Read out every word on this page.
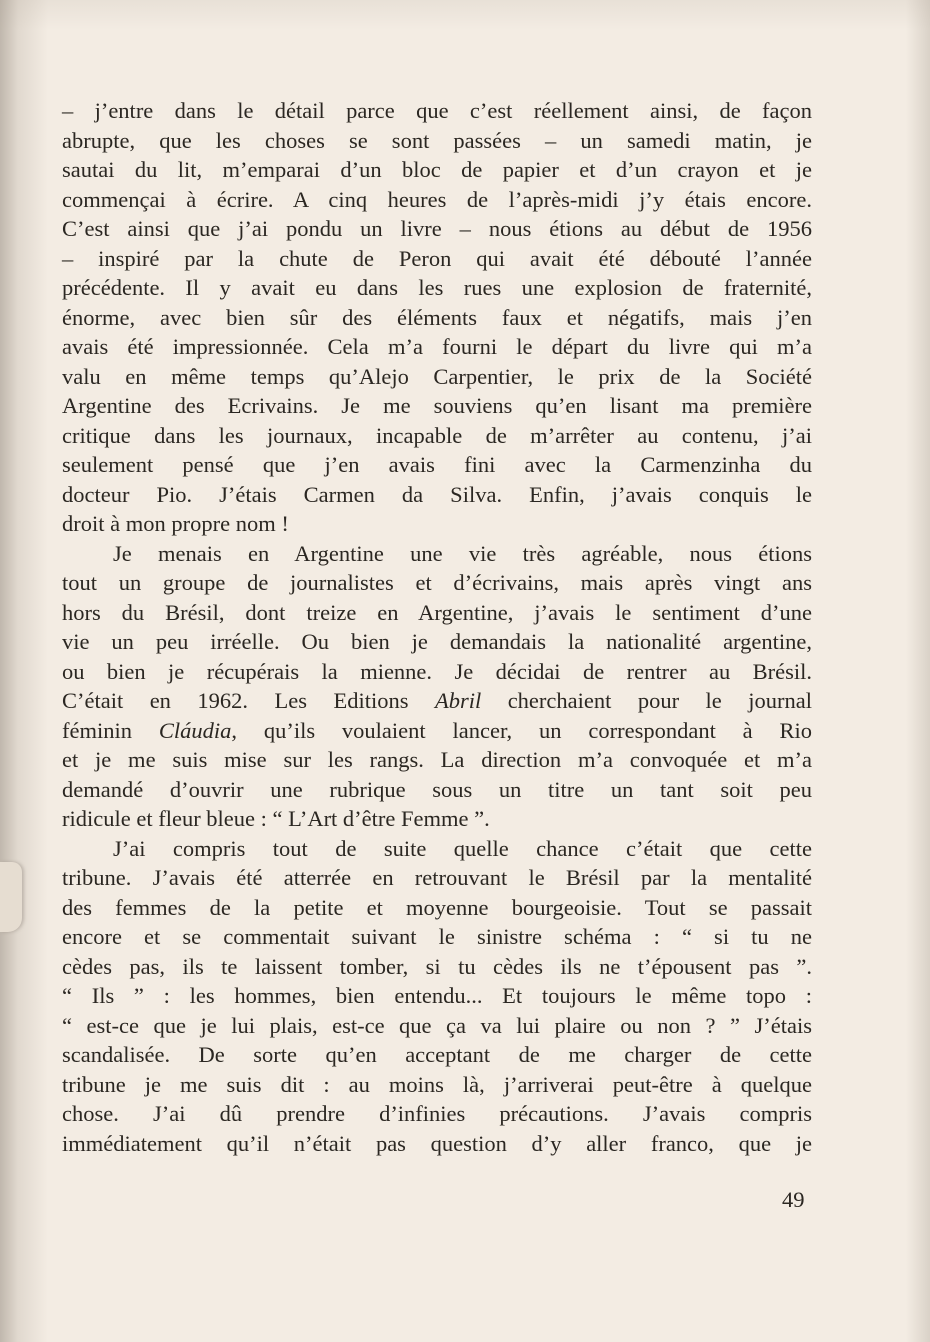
– j’entre dans le détail parce que c’est réellement ainsi, de façon
abrupte, que les choses se sont passées – un samedi matin, je
sautai du lit, m’emparai d’un bloc de papier et d’un crayon et je
commençai à écrire. A cinq heures de l’après-midi j’y étais encore.
C’est ainsi que j’ai pondu un livre – nous étions au début de 1956
– inspiré par la chute de Peron qui avait été débouté l’année
précédente. Il y avait eu dans les rues une explosion de fraternité,
énorme, avec bien sûr des éléments faux et négatifs, mais j’en
avais été impressionnée. Cela m’a fourni le départ du livre qui m’a
valu en même temps qu’Alejo Carpentier, le prix de la Société
Argentine des Ecrivains. Je me souviens qu’en lisant ma première
critique dans les journaux, incapable de m’arrêter au contenu, j’ai
seulement pensé que j’en avais fini avec la Carmenzinha du
docteur Pio. J’étais Carmen da Silva. Enfin, j’avais conquis le
droit à mon propre nom !
Je menais en Argentine une vie très agréable, nous étions
tout un groupe de journalistes et d’écrivains, mais après vingt ans
hors du Brésil, dont treize en Argentine, j’avais le sentiment d’une
vie un peu irréelle. Ou bien je demandais la nationalité argentine,
ou bien je récupérais la mienne. Je décidai de rentrer au Brésil.
C’était en 1962. Les Editions Abril cherchaient pour le journal
féminin Cláudia, qu’ils voulaient lancer, un correspondant à Rio
et je me suis mise sur les rangs. La direction m’a convoquée et m’a
demandé d’ouvrir une rubrique sous un titre un tant soit peu
ridicule et fleur bleue : “ L’Art d’être Femme ”.
J’ai compris tout de suite quelle chance c’était que cette
tribune. J’avais été atterrée en retrouvant le Brésil par la mentalité
des femmes de la petite et moyenne bourgeoisie. Tout se passait
encore et se commentait suivant le sinistre schéma : “ si tu ne
cèdes pas, ils te laissent tomber, si tu cèdes ils ne t’épousent pas ”.
“ Ils ” : les hommes, bien entendu... Et toujours le même topo :
“ est-ce que je lui plais, est-ce que ça va lui plaire ou non ? ” J’étais
scandalisée. De sorte qu’en acceptant de me charger de cette
tribune je me suis dit : au moins là, j’arriverai peut-être à quelque
chose. J’ai dû prendre d’infinies précautions. J’avais compris
immédiatement qu’il n’était pas question d’y aller franco, que je
49
